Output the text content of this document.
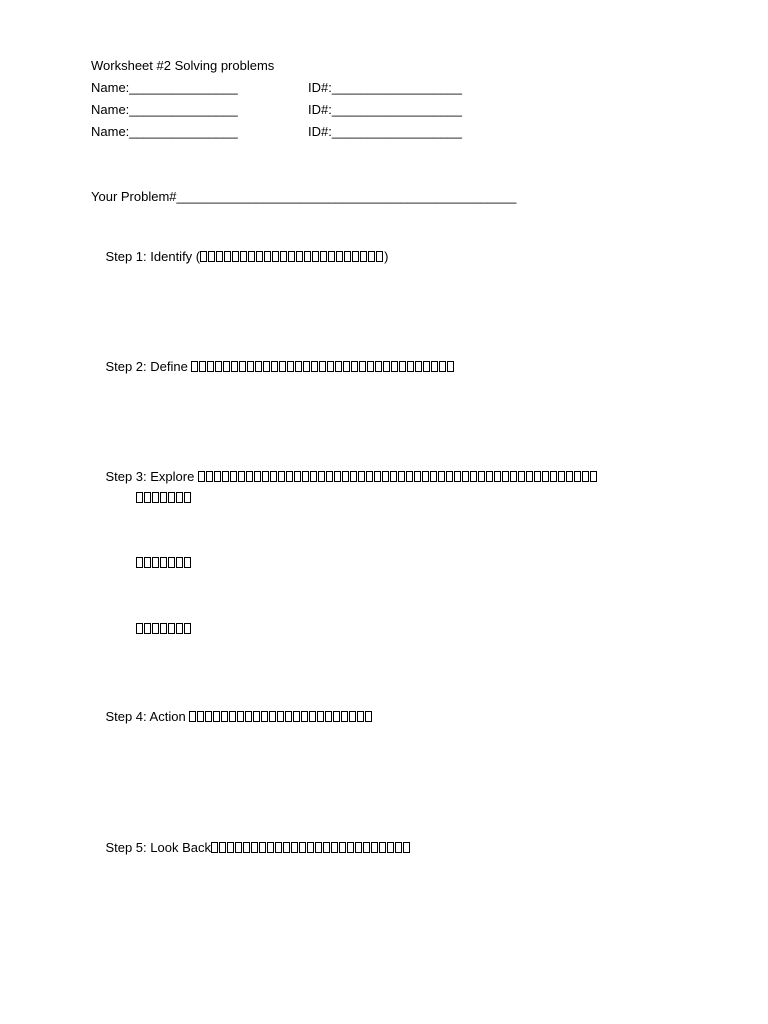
Worksheet #2 Solving problems
Name:_______________	ID#:__________________
Name:_______________	ID#:__________________
Name:_______________	ID#:__________________
Your Problem#_______________________________________________

Step 1: Identify (	)

Step 2: Define

Step 3: Explore

Step 4: Action

Step 5: Look Back
